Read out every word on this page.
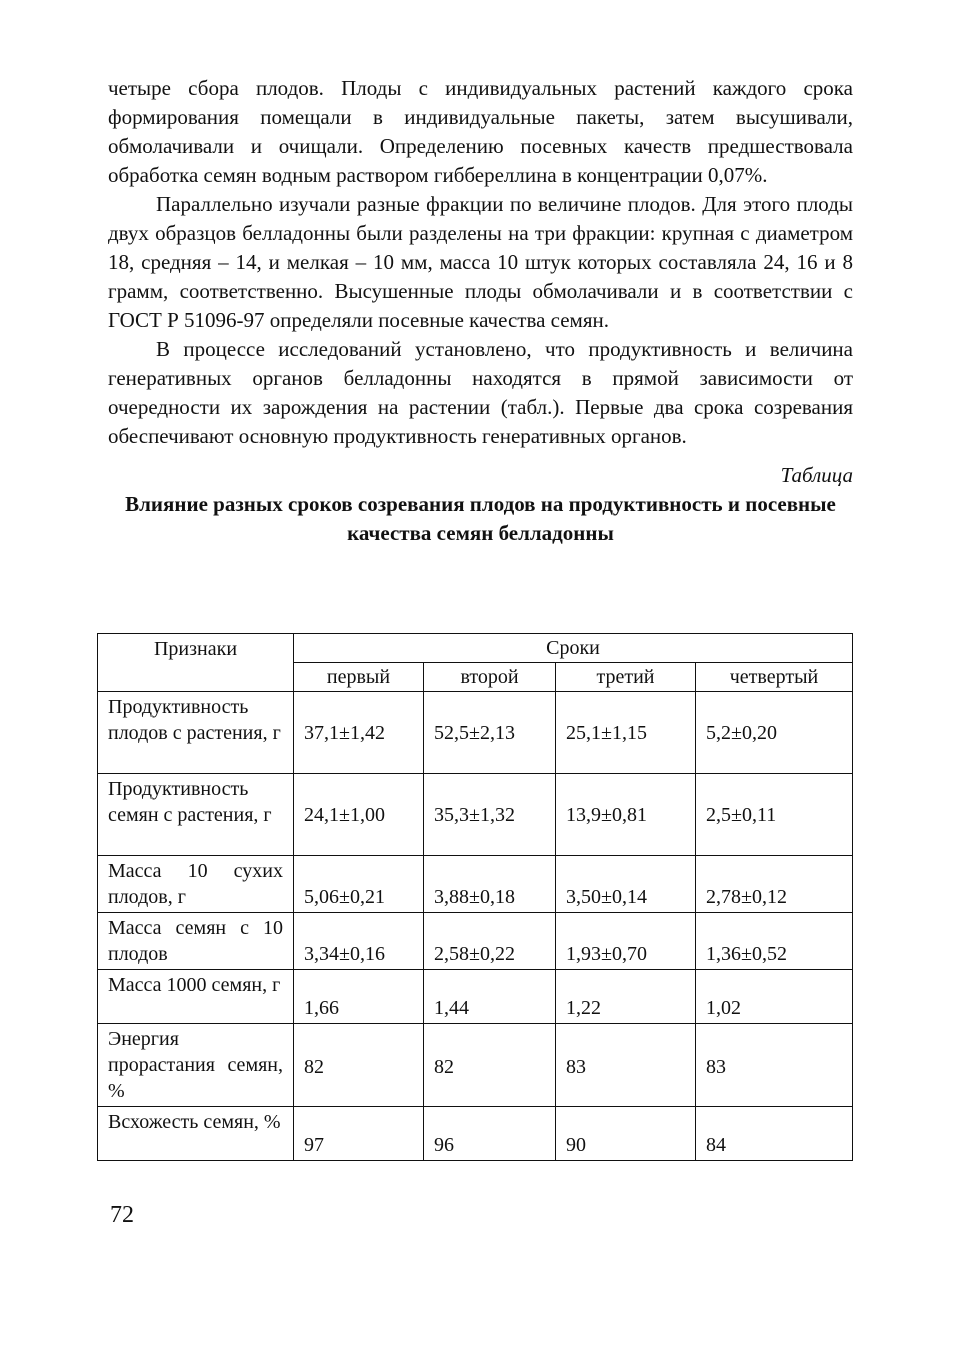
четыре сбора плодов. Плоды с индивидуальных растений каждого срока формирования помещали в индивидуальные пакеты, затем высушивали, обмолачивали и очищали. Определению посевных качеств предшествовала обработка семян водным раствором гиббереллина в концентрации 0,07%.

Параллельно изучали разные фракции по величине плодов. Для этого плоды двух образцов белладонны были разделены на три фракции: крупная с диаметром 18, средняя – 14, и мелкая – 10 мм, масса 10 штук которых составляла 24, 16 и 8 грамм, соответственно. Высушенные плоды обмолачивали и в соответствии с ГОСТ Р 51096-97 определяли посевные качества семян.

В процессе исследований установлено, что продуктивность и величина генеративных органов белладонны находятся в прямой зависимости от очередности их зарождения на растении (табл.). Первые два срока созревания обеспечивают основную продуктивность генеративных органов.

Таблица

Влияние разных сроков созревания плодов на продуктивность и посевные качества семян белладонны

Признаки	Сроки			
	первый	второй	третий	четвертый
Продуктивность плодов с растения, г	37,1±1,42	52,5±2,13	25,1±1,15	5,2±0,20
Продуктивность семян с растения, г	24,1±1,00	35,3±1,32	13,9±0,81	2,5±0,11
Масса 10 сухих плодов, г	5,06±0,21	3,88±0,18	3,50±0,14	2,78±0,12
Масса семян с 10 плодов	3,34±0,16	2,58±0,22	1,93±0,70	1,36±0,52
Масса 1000 семян, г	1,66	1,44	1,22	1,02
Энергия прорастания семян, %	82	82	83	83
Всхожесть семян, %	97	96	90	84
72
